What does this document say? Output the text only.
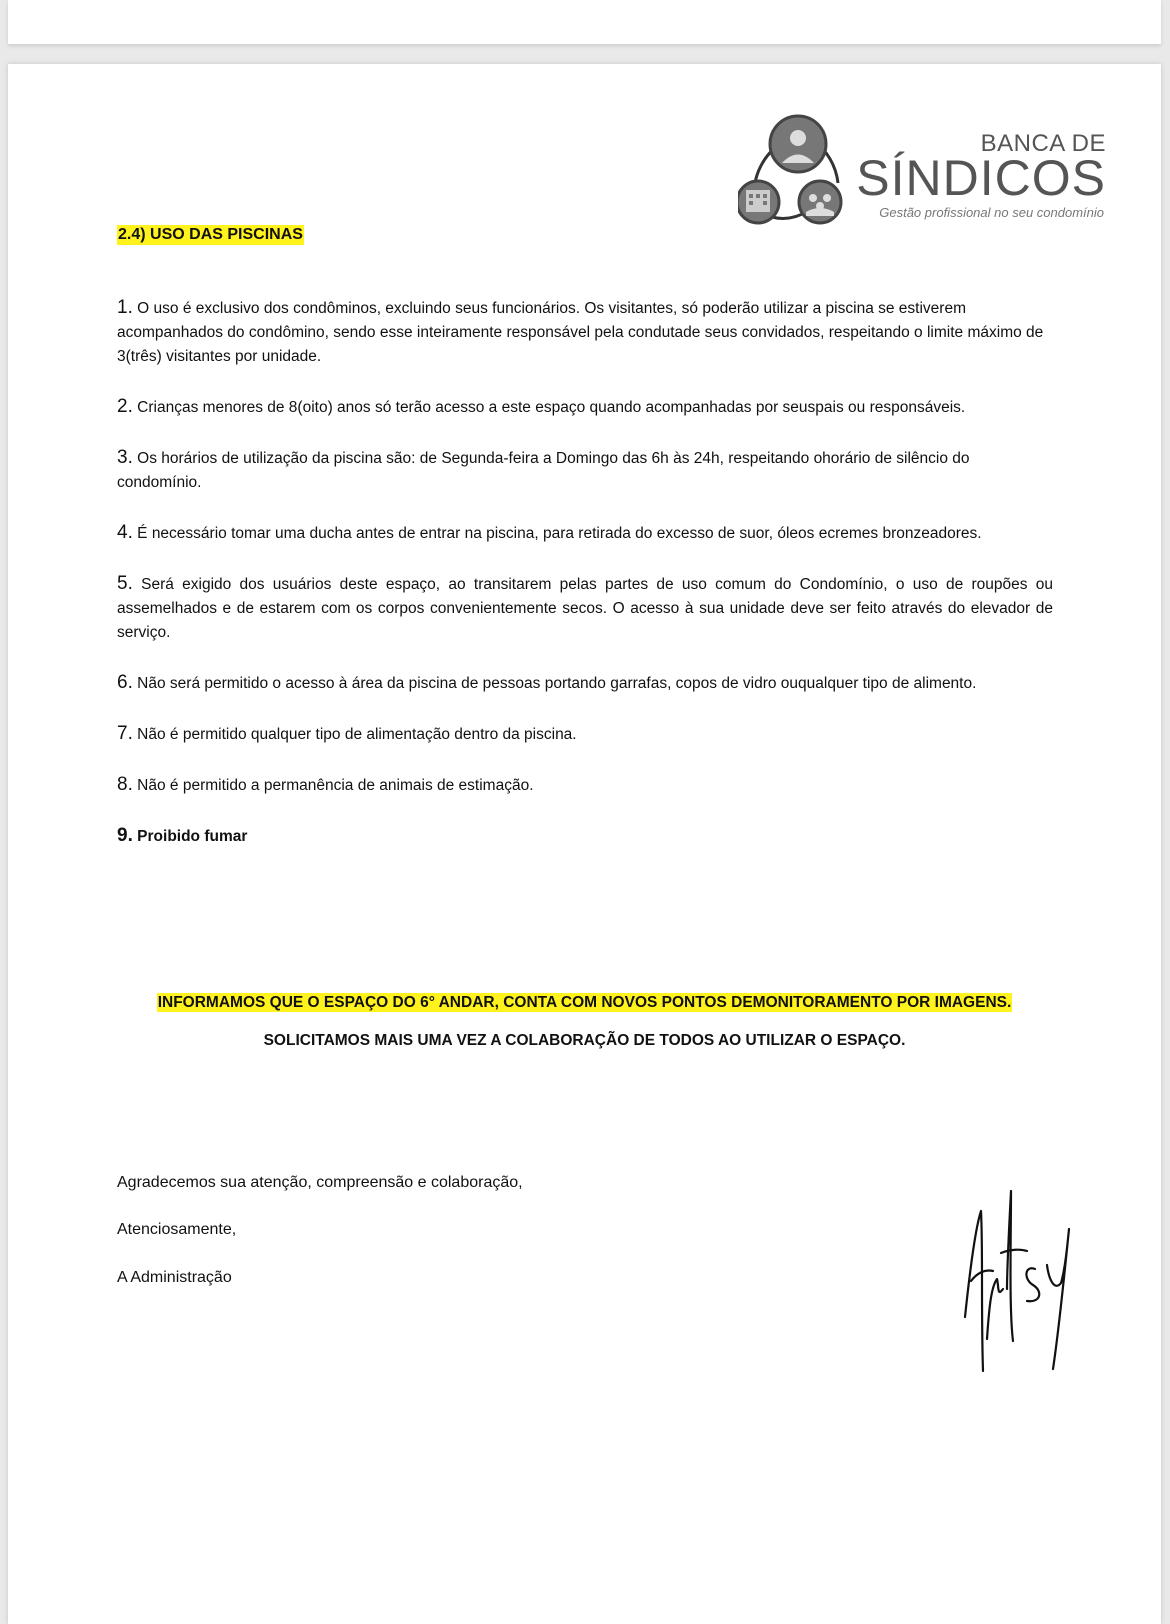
BANCA DE
SÍNDICOS
Gestão profissional no seu condomínio

2.4) USO DAS PISCINAS

1. O uso é exclusivo dos condôminos, excluindo seus funcionários. Os visitantes, só poderão utilizar a piscina se estiverem acompanhados do condômino, sendo esse inteiramente responsável pela condutade seus convidados, respeitando o limite máximo de 3(três) visitantes por unidade.
2. Crianças menores de 8(oito) anos só terão acesso a este espaço quando acompanhadas por seuspais ou responsáveis.
3. Os horários de utilização da piscina são: de Segunda-feira a Domingo das 6h às 24h, respeitando ohorário de silêncio do condomínio.
4. É necessário tomar uma ducha antes de entrar na piscina, para retirada do excesso de suor, óleos ecremes bronzeadores.
5. Será exigido dos usuários deste espaço, ao transitarem pelas partes de uso comum do Condomínio, o uso de roupões ou assemelhados e de estarem com os corpos convenientemente secos. O acesso à sua unidade deve ser feito através do elevador de serviço.
6. Não será permitido o acesso à área da piscina de pessoas portando garrafas, copos de vidro ouqualquer tipo de alimento.
7. Não é permitido qualquer tipo de alimentação dentro da piscina.
8. Não é permitido a permanência de animais de estimação.
9. Proibido fumar

INFORMAMOS QUE O ESPAÇO DO 6° ANDAR, CONTA COM NOVOS PONTOS DEMONITORAMENTO POR IMAGENS.

SOLICITAMOS MAIS UMA VEZ A COLABORAÇÃO DE TODOS AO UTILIZAR O ESPAÇO.

Agradecemos sua atenção, compreensão e colaboração,

Atenciosamente,

A Administração
